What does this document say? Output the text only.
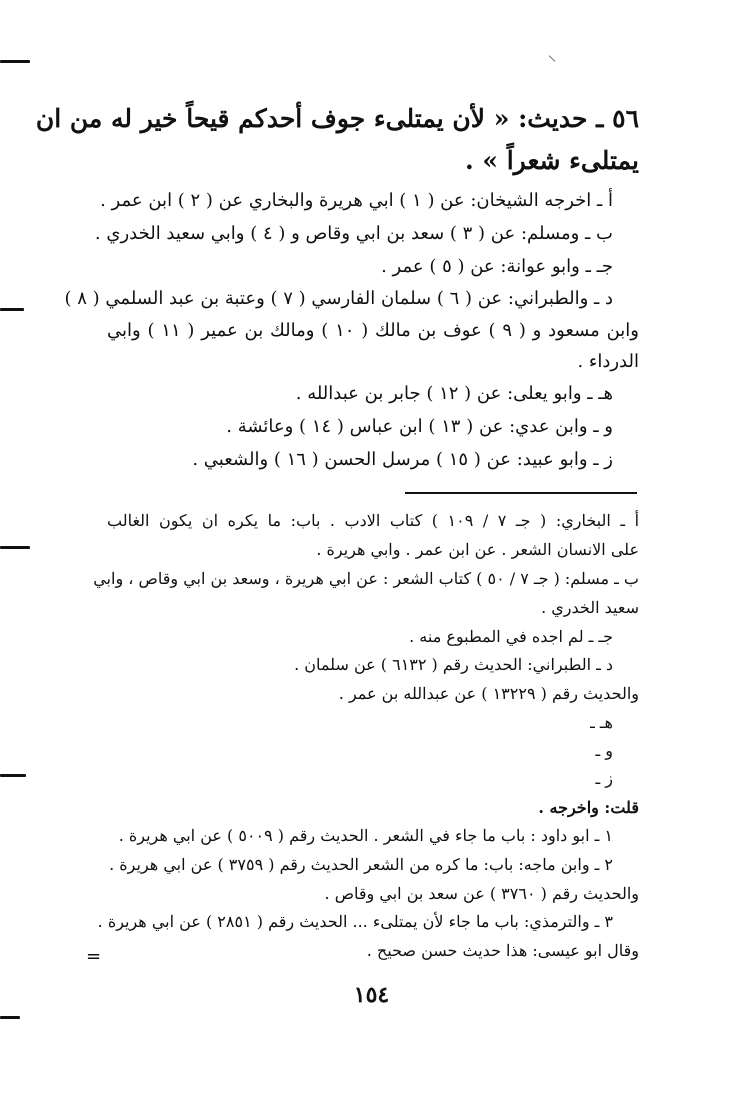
٥٦ ـ حديث: « لأن يمتلىء جوف أحدكم قيحاً خير له من ان
يمتلىء شعراً » .
أ ـ اخرجه الشيخان: عن ( ١ ) ابي هريرة والبخاري عن ( ٢ ) ابن عمر .
ب ـ ومسلم: عن ( ٣ ) سعد بن ابي وقاص و ( ٤ ) وابي سعيد الخدري .
جـ ـ وابو عوانة: عن ( ٥ ) عمر .
د ـ والطبراني: عن ( ٦ ) سلمان الفارسي ( ٧ ) وعتبة بن عبد السلمي ( ٨ )
وابن مسعود و ( ٩ ) عوف بن مالك ( ١٠ ) ومالك بن عمير ( ١١ ) وابي
الدرداء .
هـ ـ وابو يعلى: عن ( ١٢ ) جابر بن عبدالله .
و ـ وابن عدي: عن ( ١٣ ) ابن عباس ( ١٤ ) وعائشة .
ز ـ وابو عبيد: عن ( ١٥ ) مرسل الحسن ( ١٦ ) والشعبي .
أ ـ البخاري: ( جـ ٧ / ١٠٩ ) كتاب الادب . باب: ما يكره ان يكون الغالب
على الانسان الشعر . عن ابن عمر . وابي هريرة .
ب ـ مسلم: ( جـ ٧ / ٥٠ ) كتاب الشعر : عن ابي هريرة ، وسعد بن ابي وقاص ، وابي
سعيد الخدري .
جـ ـ لم اجده في المطبوع منه .
د ـ الطبراني: الحديث رقم ( ٦١٣٢ ) عن سلمان .
والحديث رقم ( ١٣٢٢٩ ) عن عبدالله بن عمر .
هـ ـ
و ـ
ز ـ
قلت: واخرجه .
١ ـ ابو داود : باب ما جاء في الشعر . الحديث رقم ( ٥٠٠٩ ) عن ابي هريرة .
٢ ـ وابن ماجه: باب: ما كره من الشعر الحديث رقم ( ٣٧٥٩ ) عن ابي هريرة .
والحديث رقم ( ٣٧٦٠ ) عن سعد بن ابي وقاص .
٣ ـ والترمذي: باب ما جاء لأن يمتلىء ... الحديث رقم ( ٢٨٥١ ) عن ابي هريرة .
وقال ابو عيسى: هذا حديث حسن صحيح .
=
١٥٤
